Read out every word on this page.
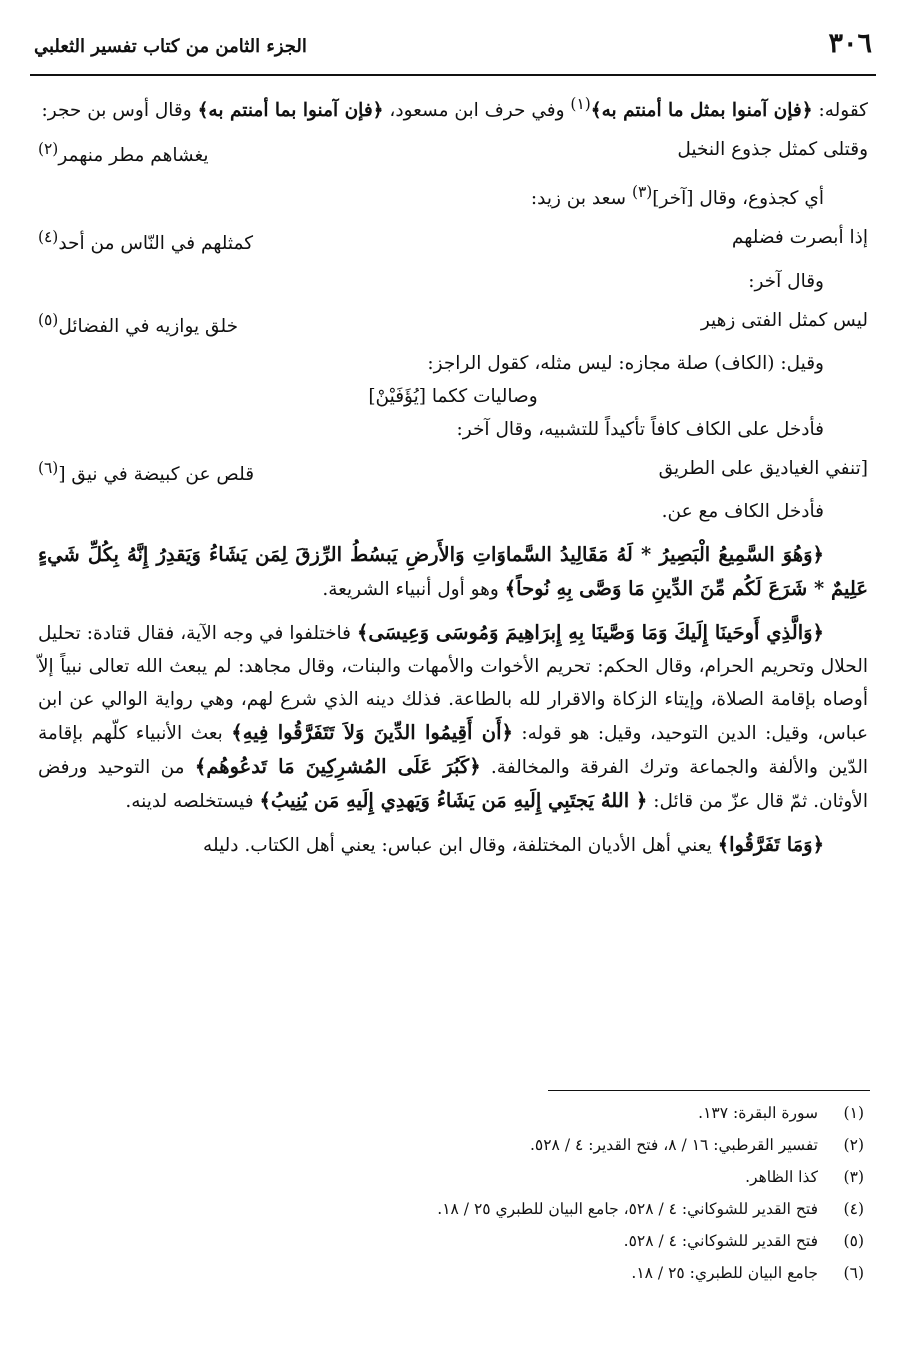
٣٠٦
الجزء الثامن من كتاب تفسير الثعلبي

كقوله: ﴿فإن آمنوا بمثل ما أمنتم به﴾$^{(١)}$ وفي حرف ابن مسعود، ﴿فإن آمنوا بما أمنتم به﴾ وقال أوس بن حجر:

وقتلى كمثل جذوع النخيل
يغشاهم مطر منهمر$^{(٢)}$

أي كجذوع، وقال [آخر]$^{(٣)}$ سعد بن زيد:

إذا أبصرت فضلهم
كمثلهم في النّاس من أحد$^{(٤)}$

وقال آخر:

ليس كمثل الفتى زهير
خلق يوازيه في الفضائل$^{(٥)}$

وقيل: (الكاف) صلة مجازه: ليس مثله، كقول الراجز:

وصاليات ككما [يُؤَفَيْنْ]

فأدخل على الكاف كافاً تأكيداً للتشبيه، وقال آخر:

[تنفي الغياديق على الطريق
قلص عن كبيضة في نيق [$^{(٦)}$

فأدخل الكاف مع عن.

﴿وَهُوَ السَّمِيعُ الْبَصِيرُ * لَهُ مَقَالِيدُ السَّماوَاتِ وَالأَرضِ يَبسُطُ الرِّزقَ لِمَن يَشَاءُ وَيَقدِرُ إِنَّهُ بِكُلِّ شَيءٍ عَلِيمٌ * شَرَعَ لَكُم مِّنَ الدِّينِ مَا وَصَّى بِهِ نُوحاً﴾ وهو أول أنبياء الشريعة.

﴿وَالَّذِي أَوحَينَا إِلَيكَ وَمَا وَصَّينَا بِهِ إِبرَاهِيمَ وَمُوسَى وَعِيسَى﴾ فاختلفوا في وجه الآية، فقال قتادة: تحليل الحلال وتحريم الحرام، وقال الحكم: تحريم الأخوات والأمهات والبنات، وقال مجاهد: لم يبعث الله تعالى نبياً إلاّ أوصاه بإقامة الصلاة، وإيتاء الزكاة والاقرار لله بالطاعة. فذلك دينه الذي شرع لهم، وهي رواية الوالي عن ابن عباس، وقيل: الدين التوحيد، وقيل: هو قوله: ﴿أَن أَقِيمُوا الدِّينَ وَلاَ تَتَفَرَّقُوا فِيهِ﴾ بعث الأنبياء كلّهم بإقامة الدّين والألفة والجماعة وترك الفرقة والمخالفة. ﴿كَبُرَ عَلَى المُشرِكِينَ مَا تَدعُوهُم﴾ من التوحيد ورفض الأوثان. ثمّ قال عزّ من قائل: ﴿ اللهُ يَجتَبِي إِلَيهِ مَن يَشَاءُ وَيَهدِي إِلَيهِ مَن يُنِيبُ﴾ فيستخلصه لدينه.

﴿وَمَا تَفَرَّقُوا﴾ يعني أهل الأديان المختلفة، وقال ابن عباس: يعني أهل الكتاب. دليله

(١)
سورة البقرة: ١٣٧.
(٢)
تفسير القرطبي: ١٦ / ٨، فتح القدير: ٤ / ٥٢٨.
(٣)
كذا الظاهر.
(٤)
فتح القدير للشوكاني: ٤ / ٥٢٨، جامع البيان للطبري ٢٥ / ١٨.
(٥)
فتح القدير للشوكاني: ٤ / ٥٢٨.
(٦)
جامع البيان للطبري: ٢٥ / ١٨.
